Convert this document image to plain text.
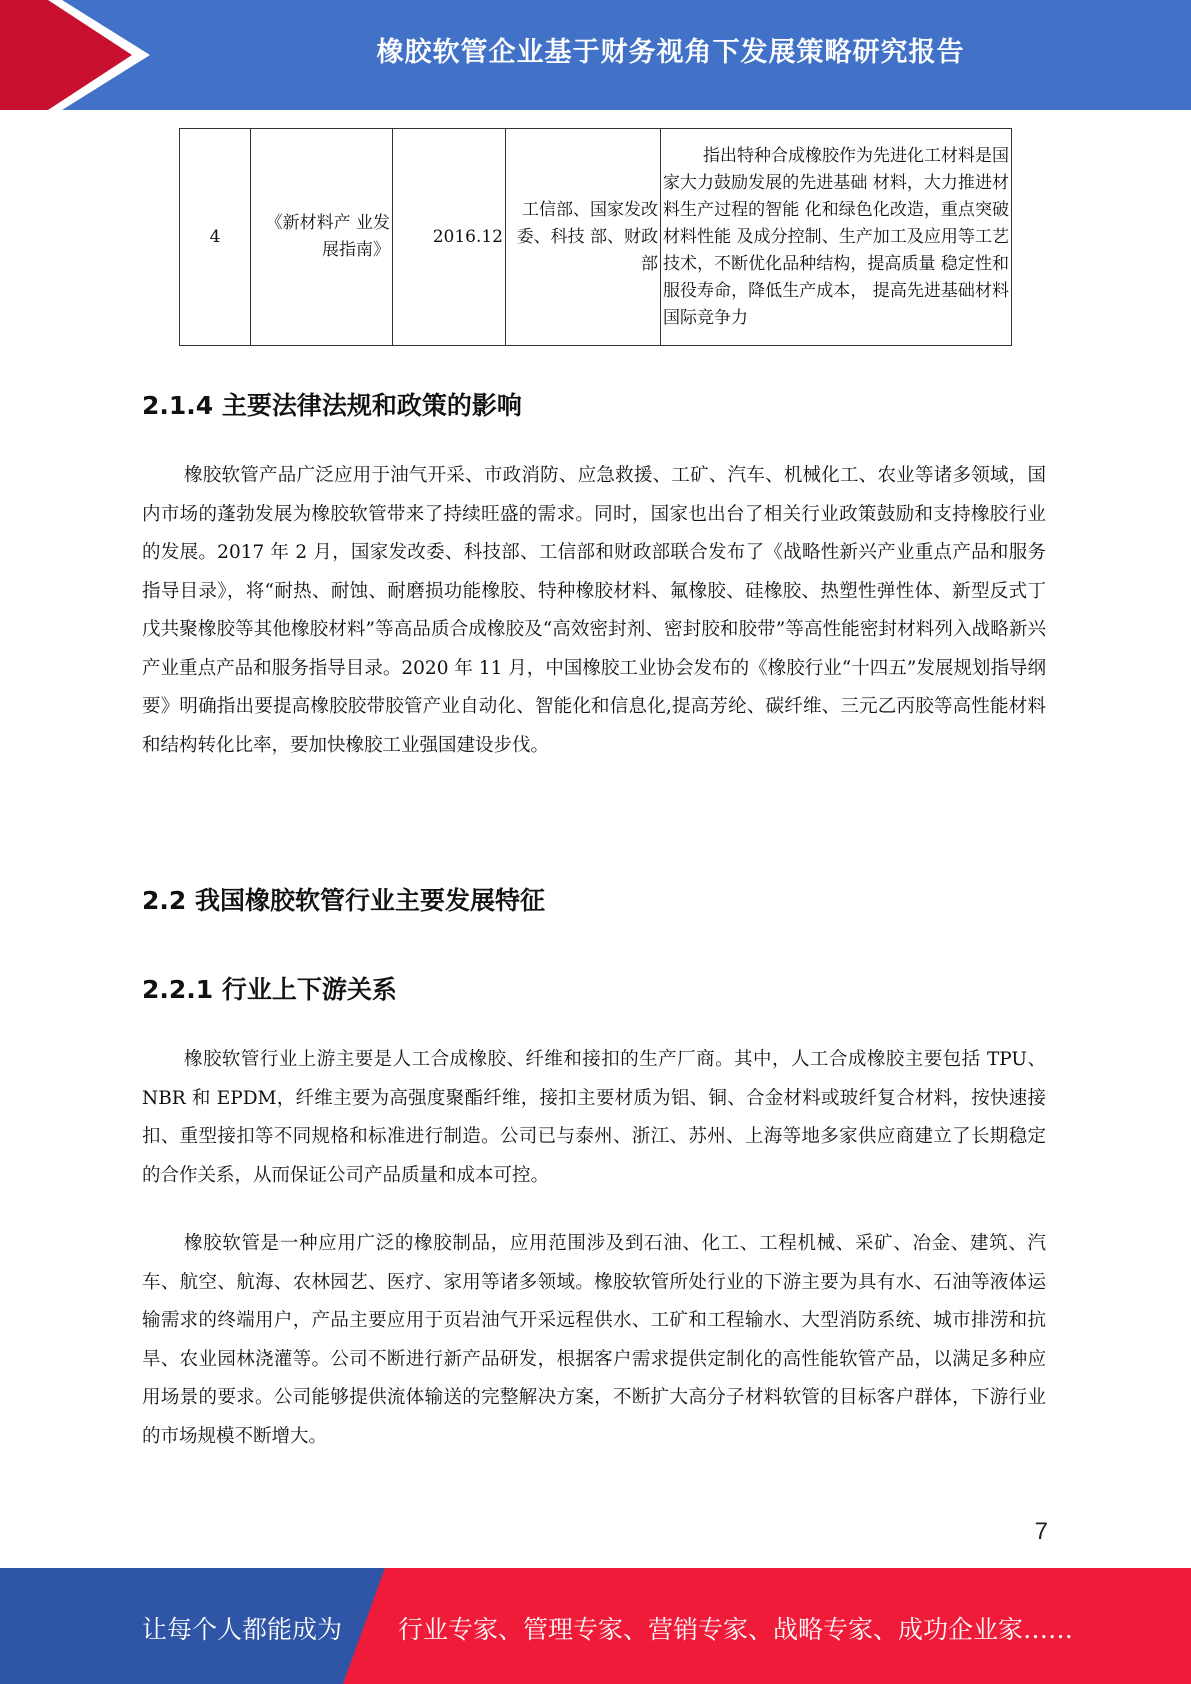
橡胶软管企业基于财务视角下发展策略研究报告
4	《新材料产 业发展指南》	2016.12	工信部、国家发改委、科技 部、财政部	指出特种合成橡胶作为先进化工材料是国家大力鼓励发展的先进基础 材料，大力推进材料生产过程的智能 化和绿色化改造，重点突破材料性能 及成分控制、生产加工及应用等工艺 技术，不断优化品种结构，提高质量 稳定性和服役寿命，降低生产成本， 提高先进基础材料国际竞争力
2.1.4 主要法律法规和政策的影响

橡胶软管产品广泛应用于油气开采、市政消防、应急救援、工矿、汽车、机械化工、农业等诸多领域，国内市场的蓬勃发展为橡胶软管带来了持续旺盛的需求。同时，国家也出台了相关行业政策鼓励和支持橡胶行业的发展。2017 年 2 月，国家发改委、科技部、工信部和财政部联合发布了《战略性新兴产业重点产品和服务指导目录》，将“耐热、耐蚀、耐磨损功能橡胶、特种橡胶材料、氟橡胶、硅橡胶、热塑性弹性体、新型反式丁戊共聚橡胶等其他橡胶材料”等高品质合成橡胶及“高效密封剂、密封胶和胶带”等高性能密封材料列入战略新兴产业重点产品和服务指导目录。2020 年 11 月，中国橡胶工业协会发布的《橡胶行业“十四五”发展规划指导纲要》明确指出要提高橡胶胶带胶管产业自动化、智能化和信息化,提高芳纶、碳纤维、三元乙丙胶等高性能材料和结构转化比率，要加快橡胶工业强国建设步伐。

2.2 我国橡胶软管行业主要发展特征
2.2.1 行业上下游关系

橡胶软管行业上游主要是人工合成橡胶、纤维和接扣的生产厂商。其中，人工合成橡胶主要包括 TPU、NBR 和 EPDM，纤维主要为高强度聚酯纤维，接扣主要材质为铝、铜、合金材料或玻纤复合材料，按快速接扣、重型接扣等不同规格和标准进行制造。公司已与泰州、浙江、苏州、上海等地多家供应商建立了长期稳定的合作关系，从而保证公司产品质量和成本可控。

橡胶软管是一种应用广泛的橡胶制品，应用范围涉及到石油、化工、工程机械、采矿、冶金、建筑、汽车、航空、航海、农林园艺、医疗、家用等诸多领域。橡胶软管所处行业的下游主要为具有水、石油等液体运输需求的终端用户，产品主要应用于页岩油气开采远程供水、工矿和工程输水、大型消防系统、城市排涝和抗旱、农业园林浇灌等。公司不断进行新产品研发，根据客户需求提供定制化的高性能软管产品，以满足多种应用场景的要求。公司能够提供流体输送的完整解决方案，不断扩大高分子材料软管的目标客户群体，下游行业的市场规模不断增大。

7
让每个人都能成为 行业专家、管理专家、营销专家、战略专家、成功企业家……
